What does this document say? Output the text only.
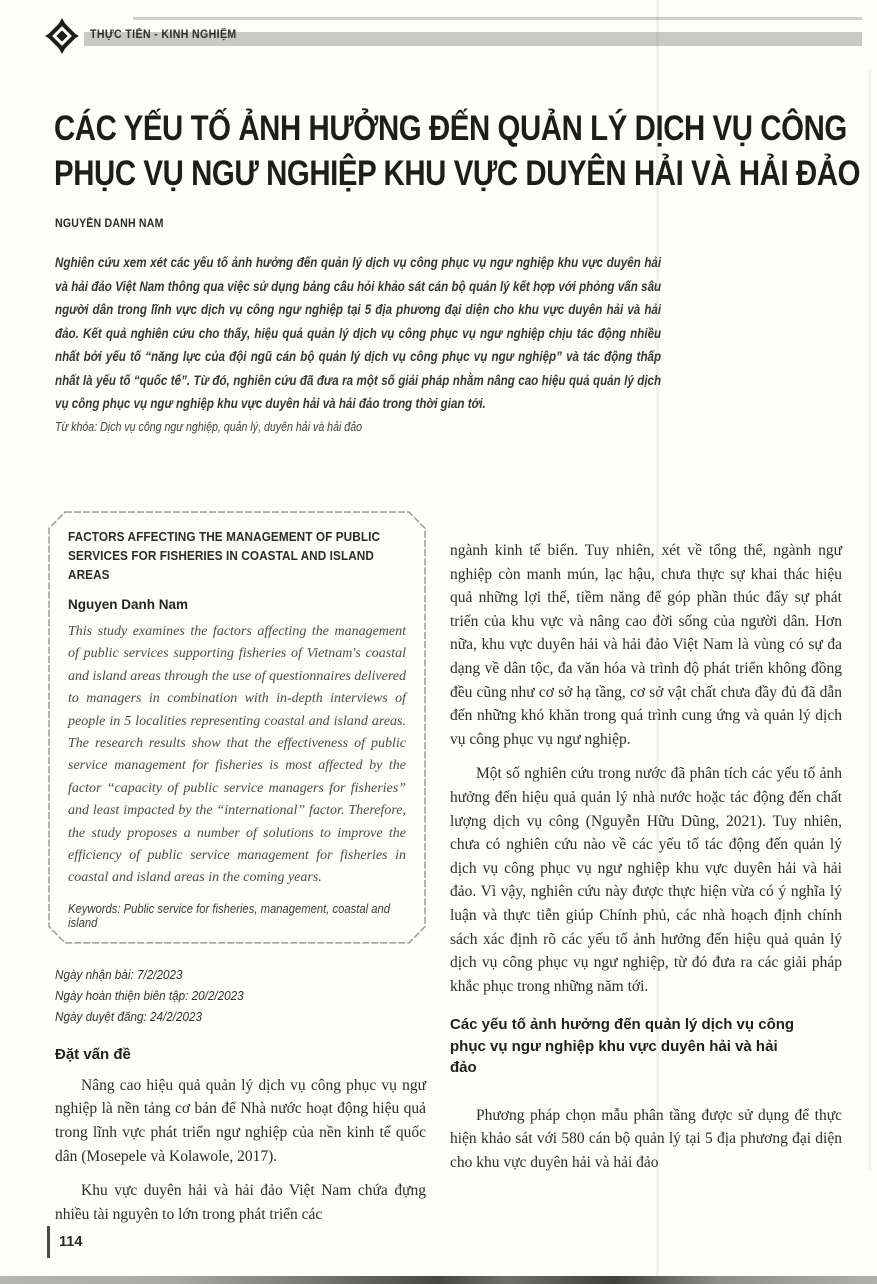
THỰC TIỄN - KINH NGHIỆM
CÁC YẾU TỐ ẢNH HƯỞNG ĐẾN QUẢN LÝ DỊCH VỤ CÔNG
PHỤC VỤ NGƯ NGHIỆP KHU VỰC DUYÊN HẢI VÀ HẢI ĐẢO
NGUYỄN DANH NAM
Nghiên cứu xem xét các yếu tố ảnh hưởng đến quản lý dịch vụ công phục vụ ngư nghiệp khu vực duyên hải và hải đảo Việt Nam thông qua việc sử dụng bảng câu hỏi khảo sát cán bộ quản lý kết hợp với phỏng vấn sâu người dân trong lĩnh vực dịch vụ công ngư nghiệp tại 5 địa phương đại diện cho khu vực duyên hải và hải đảo. Kết quả nghiên cứu cho thấy, hiệu quả quản lý dịch vụ công phục vụ ngư nghiệp chịu tác động nhiều nhất bởi yếu tố “năng lực của đội ngũ cán bộ quản lý dịch vụ công phục vụ ngư nghiệp” và tác động thấp nhất là yếu tố “quốc tế”. Từ đó, nghiên cứu đã đưa ra một số giải pháp nhằm nâng cao hiệu quả quản lý dịch vụ công phục vụ ngư nghiệp khu vực duyên hải và hải đảo trong thời gian tới.
Từ khóa: Dịch vụ công ngư nghiệp, quản lý, duyên hải và hải đảo
FACTORS AFFECTING THE MANAGEMENT OF PUBLIC SERVICES FOR FISHERIES IN COASTAL AND ISLAND AREAS
Nguyen Danh Nam
This study examines the factors affecting the management of public services supporting fisheries of Vietnam's coastal and island areas through the use of questionnaires delivered to managers in combination with in-depth interviews of people in 5 localities representing coastal and island areas. The research results show that the effectiveness of public service management for fisheries is most affected by the factor “capacity of public service managers for fisheries” and least impacted by the “international” factor. Therefore, the study proposes a number of solutions to improve the efficiency of public service management for fisheries in coastal and island areas in the coming years.
Keywords: Public service for fisheries, management, coastal and island
Ngày nhận bài: 7/2/2023
Ngày hoàn thiện biên tập: 20/2/2023
Ngày duyệt đăng: 24/2/2023
Đặt vấn đề
Nâng cao hiệu quả quản lý dịch vụ công phục vụ ngư nghiệp là nền tảng cơ bản để Nhà nước hoạt động hiệu quả trong lĩnh vực phát triển ngư nghiệp của nền kinh tế quốc dân (Mosepele và Kolawole, 2017).
Khu vực duyên hải và hải đảo Việt Nam chứa đựng nhiều tài nguyên to lớn trong phát triển các
ngành kinh tế biển. Tuy nhiên, xét về tổng thể, ngành ngư nghiệp còn manh mún, lạc hậu, chưa thực sự khai thác hiệu quả những lợi thế, tiềm năng để góp phần thúc đẩy sự phát triển của khu vực và nâng cao đời sống của người dân. Hơn nữa, khu vực duyên hải và hải đảo Việt Nam là vùng có sự đa dạng về dân tộc, đa văn hóa và trình độ phát triển không đồng đều cũng như cơ sở hạ tầng, cơ sở vật chất chưa đầy đủ đã dẫn đến những khó khăn trong quá trình cung ứng và quản lý dịch vụ công phục vụ ngư nghiệp.
Một số nghiên cứu trong nước đã phân tích các yếu tố ảnh hưởng đến hiệu quả quản lý nhà nước hoặc tác động đến chất lượng dịch vụ công (Nguyễn Hữu Dũng, 2021). Tuy nhiên, chưa có nghiên cứu nào về các yếu tố tác động đến quản lý dịch vụ công phục vụ ngư nghiệp khu vực duyên hải và hải đảo. Vì vậy, nghiên cứu này được thực hiện vừa có ý nghĩa lý luận và thực tiễn giúp Chính phủ, các nhà hoạch định chính sách xác định rõ các yếu tố ảnh hưởng đến hiệu quả quản lý dịch vụ công phục vụ ngư nghiệp, từ đó đưa ra các giải pháp khắc phục trong những năm tới.
Các yếu tố ảnh hưởng đến quản lý dịch vụ công phục vụ ngư nghiệp khu vực duyên hải và hải đảo
Phương pháp chọn mẫu phân tầng được sử dụng để thực hiện khảo sát với 580 cán bộ quản lý tại 5 địa phương đại diện cho khu vực duyên hải và hải đảo
114
